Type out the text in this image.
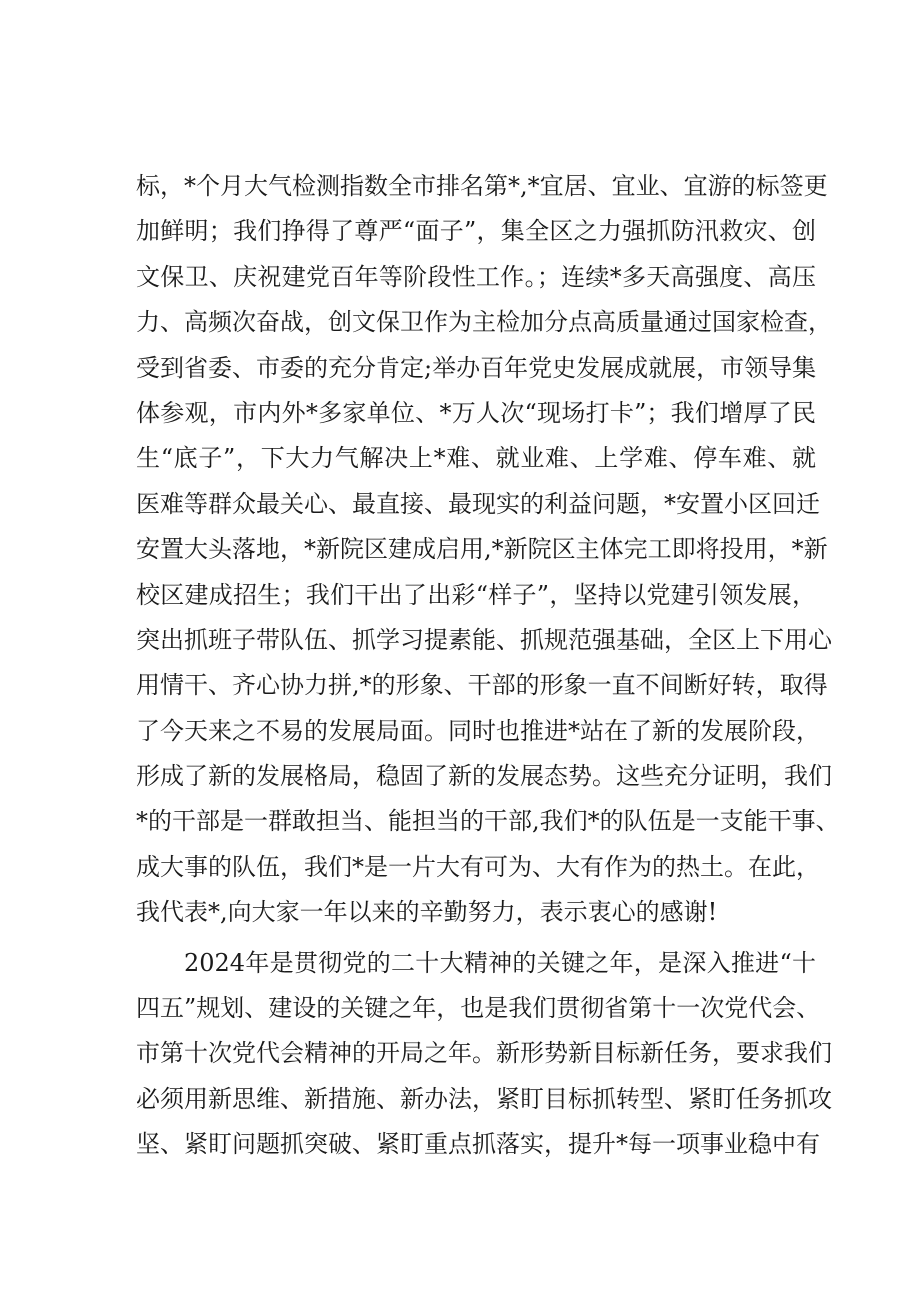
标，*个月大气检测指数全市排名第*,*宜居、宜业、宜游的标签更
加鲜明；我们挣得了尊严“面子”，集全区之力强抓防汛救灾、创
文保卫、庆祝建党百年等阶段性工作。；连续*多天高强度、高压
力、高频次奋战，创文保卫作为主检加分点高质量通过国家检查，
受到省委、市委的充分肯定;举办百年党史发展成就展，市领导集
体参观，市内外*多家单位、*万人次“现场打卡”；我们增厚了民
生“底子”，下大力气解决上*难、就业难、上学难、停车难、就
医难等群众最关心、最直接、最现实的利益问题，*安置小区回迁
安置大头落地，*新院区建成启用,*新院区主体完工即将投用，*新
校区建成招生；我们干出了出彩“样子”，坚持以党建引领发展，
突出抓班子带队伍、抓学习提素能、抓规范强基础，全区上下用心
用情干、齐心协力拼,*的形象、干部的形象一直不间断好转，取得
了今天来之不易的发展局面。同时也推进*站在了新的发展阶段，
形成了新的发展格局，稳固了新的发展态势。这些充分证明，我们
*的干部是一群敢担当、能担当的干部,我们*的队伍是一支能干事、
成大事的队伍，我们*是一片大有可为、大有作为的热土。在此，
我代表*,向大家一年以来的辛勤努力，表示衷心的感谢!
2024年是贯彻党的二十大精神的关键之年，是深入推进“十
四五”规划、建设的关键之年，也是我们贯彻省第十一次党代会、
市第十次党代会精神的开局之年。新形势新目标新任务，要求我们
必须用新思维、新措施、新办法，紧盯目标抓转型、紧盯任务抓攻
坚、紧盯问题抓突破、紧盯重点抓落实，提升*每一项事业稳中有
